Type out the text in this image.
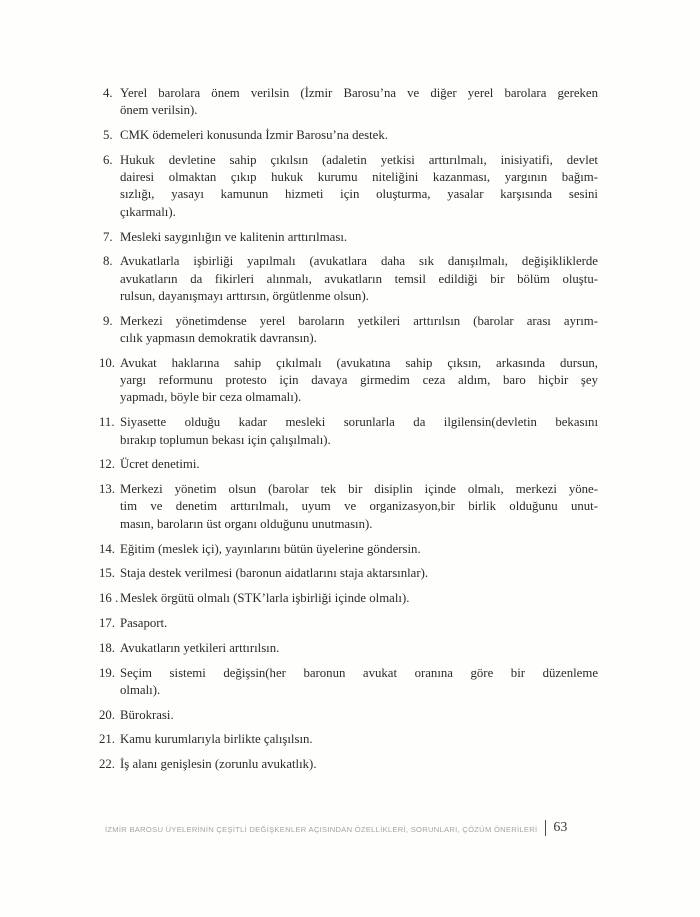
4. Yerel barolara önem verilsin (İzmir Barosu’na ve diğer yerel barolara gereken
önem verilsin).
5. CMK ödemeleri konusunda İzmir Barosu’na destek.
6. Hukuk devletine sahip çıkılsın (adaletin yetkisi arttırılmalı, inisiyatifi, devlet
dairesi olmaktan çıkıp hukuk kurumu niteliğini kazanması, yargının bağım-
sızlığı, yasayı kamunun hizmeti için oluşturma, yasalar karşısında sesini
çıkarmalı).
7. Mesleki saygınlığın ve kalitenin arttırılması.
8. Avukatlarla işbirliği yapılmalı (avukatlara daha sık danışılmalı, değişikliklerde
avukatların da fikirleri alınmalı, avukatların temsil edildiği bir bölüm oluştu-
rulsun, dayanışmayı arttırsın, örgütlenme olsun).
9. Merkezi yönetimdense yerel baroların yetkileri arttırılsın (barolar arası ayrım-
cılık yapmasın demokratik davransın).
10. Avukat haklarına sahip çıkılmalı (avukatına sahip çıksın, arkasında dursun,
yargı reformunu protesto için davaya girmedim ceza aldım, baro hiçbir şey
yapmadı, böyle bir ceza olmamalı).
11. Siyasette olduğu kadar mesleki sorunlarla da ilgilensin(devletin bekasını
bırakıp toplumun bekası için çalışılmalı).
12. Ücret denetimi.
13. Merkezi yönetim olsun (barolar tek bir disiplin içinde olmalı, merkezi yöne-
tim ve denetim arttırılmalı, uyum ve organizasyon,bir birlik olduğunu unut-
masın, baroların üst organı olduğunu unutmasın).
14. Eğitim (meslek içi), yayınlarını bütün üyelerine göndersin.
15. Staja destek verilmesi (baronun aidatlarını staja aktarsınlar).
16 . Meslek örgütü olmalı (STK’larla işbirliği içinde olmalı).
17. Pasaport.
18. Avukatların yetkileri arttırılsın.
19. Seçim sistemi değişsin(her baronun avukat oranına göre bir düzenleme
olmalı).
20. Bürokrasi.
21. Kamu kurumlarıyla birlikte çalışılsın.
22. İş alanı genişlesin (zorunlu avukatlık).
İZMİR BAROSU ÜYELERİNİN ÇEŞİTLİ DEĞİŞKENLER AÇISINDAN ÖZELLİKLERİ, SORUNLARI, ÇÖZÜM ÖNERİLERİ 63
